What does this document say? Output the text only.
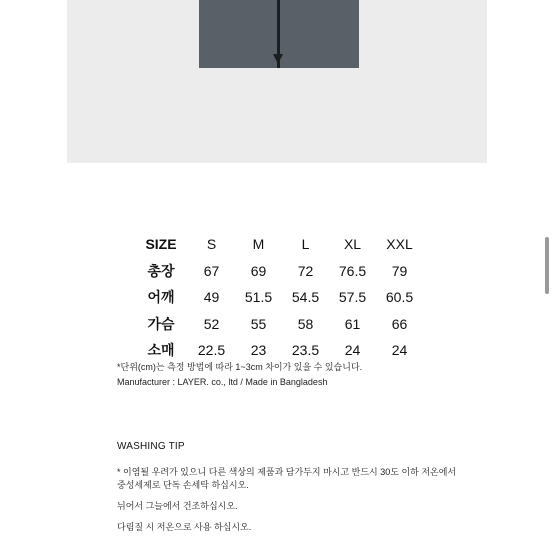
SIZE	S	M	L	XL	XXL
총장	67	69	72	76.5	79
어깨	49	51.5	54.5	57.5	60.5
가슴	52	55	58	61	66
소매	22.5	23	23.5	24	24
*단위(cm)는 측정 방법에 따라 1~3cm 차이가 있을 수 있습니다.
Manufacturer : LAYER. co., ltd / Made in Bangladesh
WASHING TIP
* 이염될 우려가 있으니 다른 색상의 제품과 담가두지 마시고 반드시 30도 이하 저온에서
중성세제로 단독 손세탁 하십시오.
뉘어서 그늘에서 건조하십시오.
다림질 시 저온으로 사용 하십시오.
